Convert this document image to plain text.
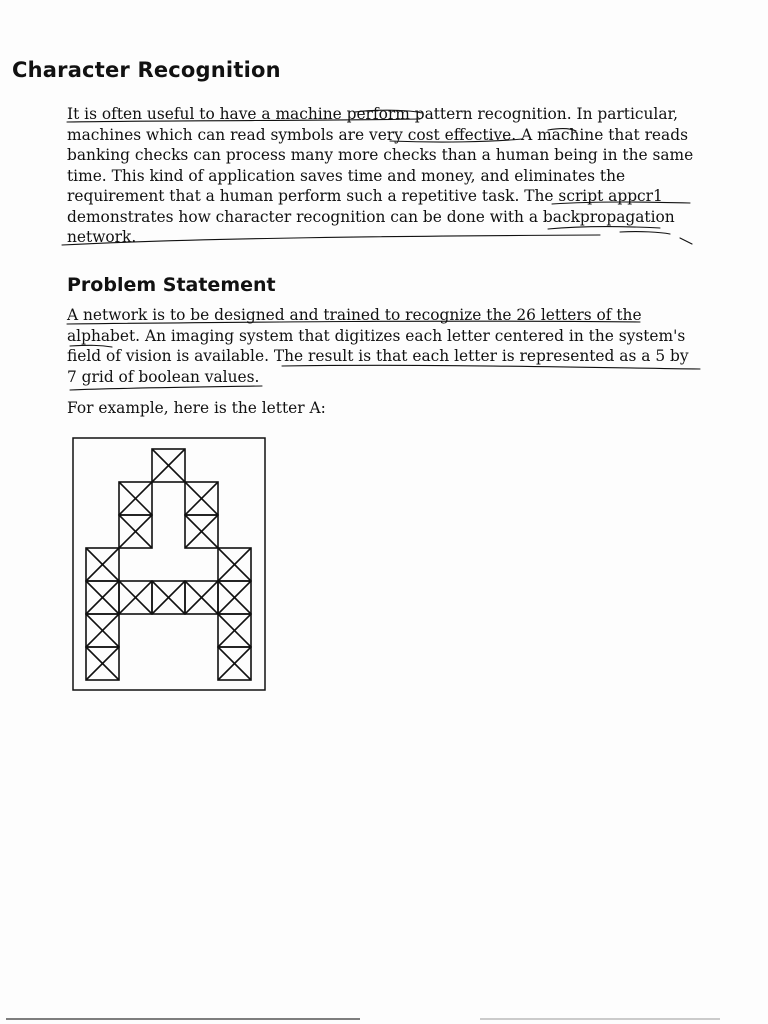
Character Recognition
It is often useful to have a machine perform pattern recognition. In particular,
machines which can read symbols are very cost effective. A machine that reads
banking checks can process many more checks than a human being in the same
time. This kind of application saves time and money, and eliminates the
requirement that a human perform such a repetitive task. The script appcr1
demonstrates how character recognition can be done with a backpropagation
network.
Problem Statement
A network is to be designed and trained to recognize the 26 letters of the
alphabet. An imaging system that digitizes each letter centered in the system's
field of vision is available. The result is that each letter is represented as a 5 by
7 grid of boolean values.
For example, here is the letter A:
